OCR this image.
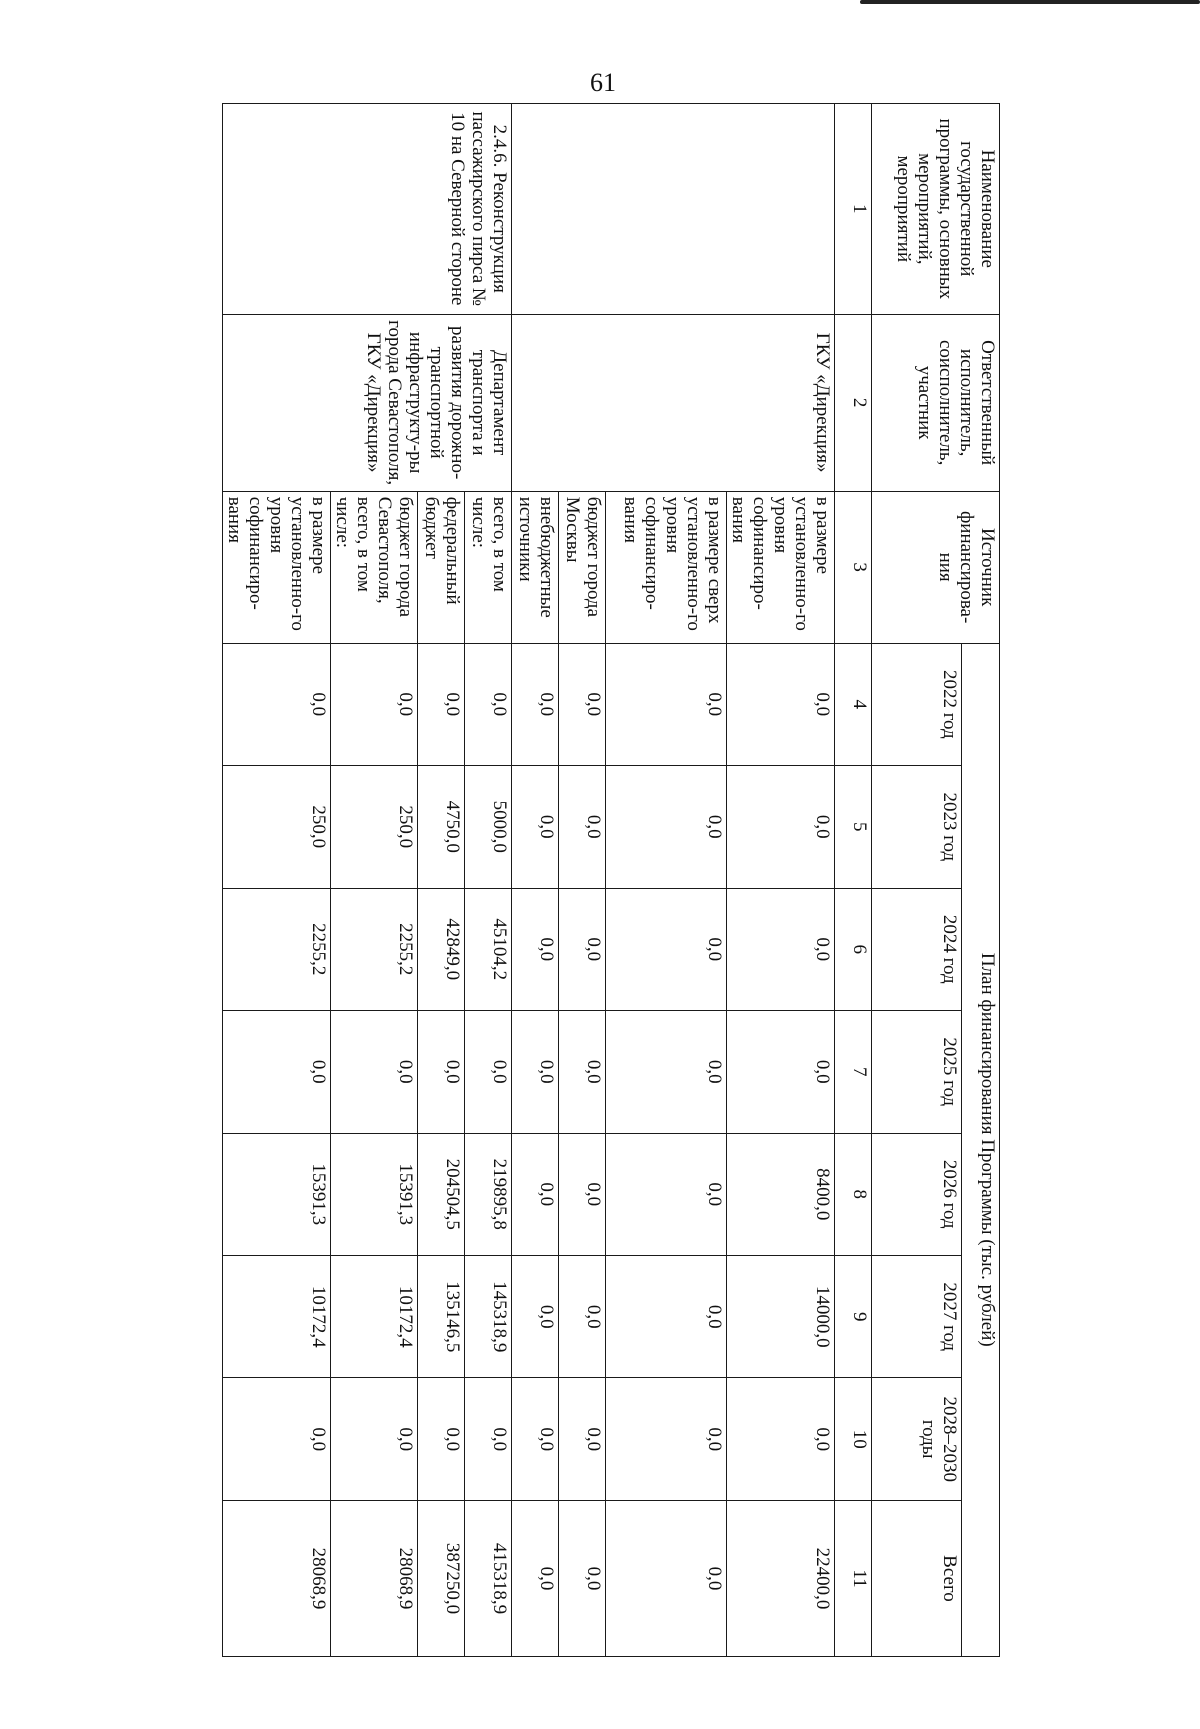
61
Наименование государственной программы, основных мероприятий, мероприятий	Ответственный исполнитель, соисполнитель, участник	Источник финансирова-ния	План финансирования Программы (тыс. рублей)							
			2022 год	2023 год	2024 год	2025 год	2026 год	2027 год	2028–2030 годы	Всего
1	2	3	4	5	6	7	8	9	10	11
	ГКУ «Дирекция»	в размере установленно-го уровня софинансиро-вания	0,0	0,0	0,0	0,0	8400,0	14000,0	0,0	22400,0
		в размере сверх установленно-го уровня софинансиро-вания	0,0	0,0	0,0	0,0	0,0	0,0	0,0	0,0
		бюджет города Москвы	0,0	0,0	0,0	0,0	0,0	0,0	0,0	0,0
		внебюджетные источники	0,0	0,0	0,0	0,0	0,0	0,0	0,0	0,0
2.4.6. Реконструкция пассажирского пирса № 10 на Северной стороне	Департамент транспорта и развития дорожно-транспортной инфраструкту-ры города Севастополя, ГКУ «Дирекция»	всего, в том числе:	0,0	5000,0	45104,2	0,0	219895,8	145318,9	0,0	415318,9
		федеральный бюджет	0,0	4750,0	42849,0	0,0	204504,5	135146,5	0,0	387250,0
		бюджет города Севастополя, всего, в том числе:	0,0	250,0	2255,2	0,0	15391,3	10172,4	0,0	28068,9
		в размере установленно-го уровня софинансиро-вания	0,0	250,0	2255,2	0,0	15391,3	10172,4	0,0	28068,9
